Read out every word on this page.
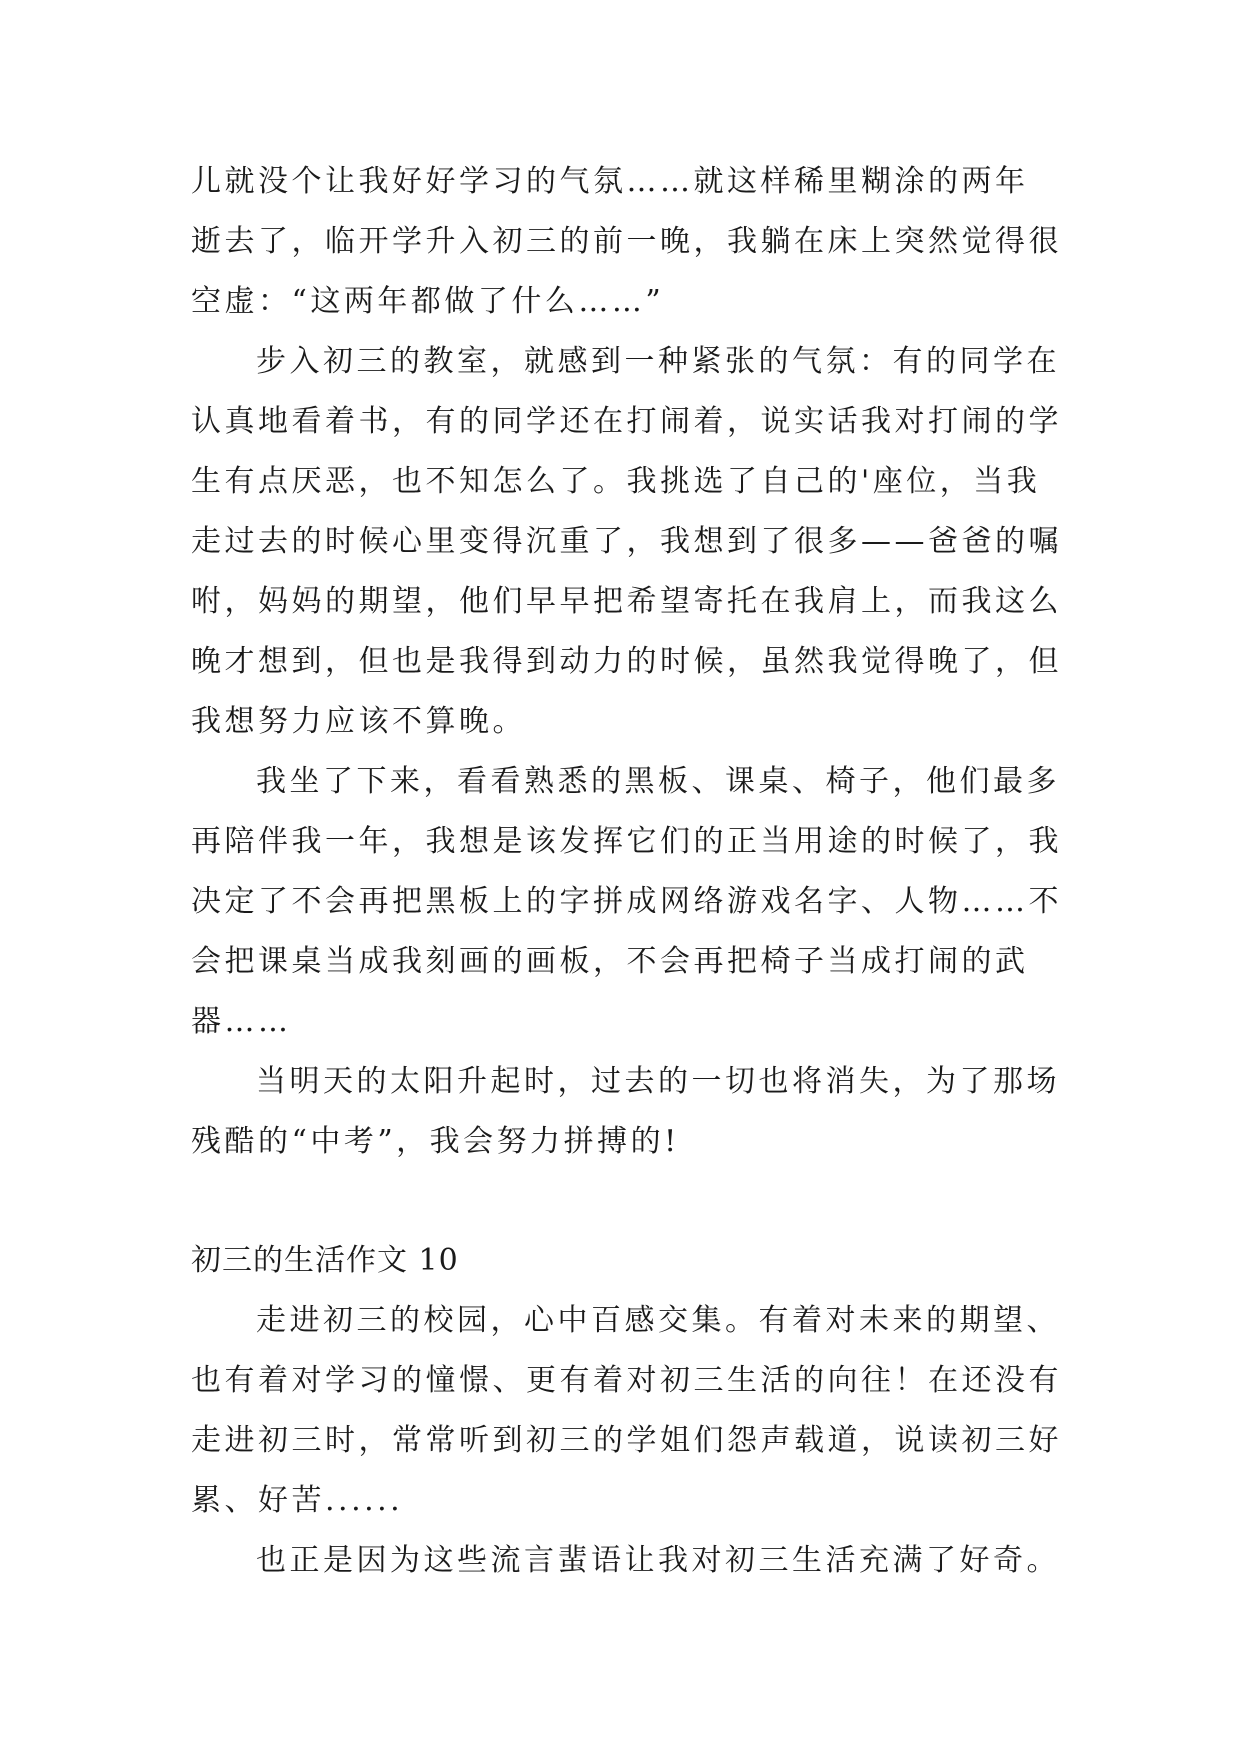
儿就没个让我好好学习的气氛……就这样稀里糊涂的两年
逝去了，临开学升入初三的前一晚，我躺在床上突然觉得很
空虚：“这两年都做了什么……”
步入初三的教室，就感到一种紧张的气氛：有的同学在
认真地看着书，有的同学还在打闹着，说实话我对打闹的学
生有点厌恶，也不知怎么了。我挑选了自己的'座位，当我
走过去的时候心里变得沉重了，我想到了很多——爸爸的嘱
咐，妈妈的期望，他们早早把希望寄托在我肩上，而我这么
晚才想到，但也是我得到动力的时候，虽然我觉得晚了，但
我想努力应该不算晚。
我坐了下来，看看熟悉的黑板、课桌、椅子，他们最多
再陪伴我一年，我想是该发挥它们的正当用途的时候了，我
决定了不会再把黑板上的字拼成网络游戏名字、人物……不
会把课桌当成我刻画的画板，不会再把椅子当成打闹的武
器……
当明天的太阳升起时，过去的一切也将消失，为了那场
残酷的“中考”，我会努力拼搏的!
初三的生活作文 10
走进初三的校园，心中百感交集。有着对未来的期望、
也有着对学习的憧憬、更有着对初三生活的向往！在还没有
走进初三时，常常听到初三的学姐们怨声载道，说读初三好
累、好苦......
也正是因为这些流言蜚语让我对初三生活充满了好奇。
